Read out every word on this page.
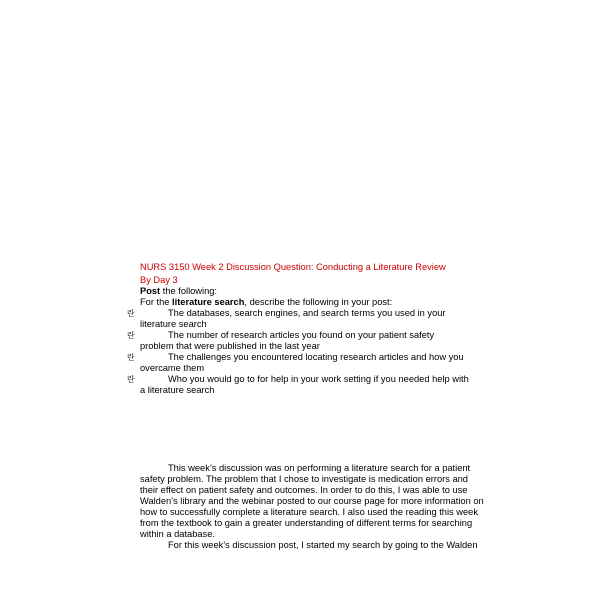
NURS 3150 Week 2 Discussion Question: Conducting a Literature Review
By Day 3
Post the following:
For the literature search, describe the following in your post:
란	The databases, search engines, and search terms you used in your
literature search
란	The number of research articles you found on your patient safety
problem that were published in the last year
란	The challenges you encountered locating research articles and how you
overcame them
란	Who you would go to for help in your work setting if you needed help with
a literature search
This week’s discussion was on performing a literature search for a patient
safety problem. The problem that I chose to investigate is medication errors and
their effect on patient safety and outcomes. In order to do this, I was able to use
Walden’s library and the webinar posted to our course page for more information on
how to successfully complete a literature search. I also used the reading this week
from the textbook to gain a greater understanding of different terms for searching
within a database.
For this week’s discussion post, I started my search by going to the Walden
